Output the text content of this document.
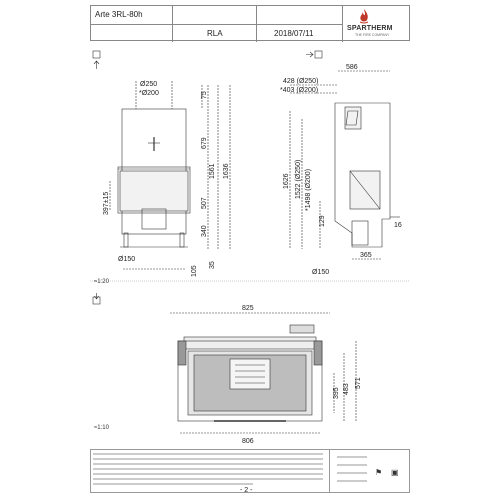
Arte 3RL-80h
RLA	2018/07/11
SPARTHERM
THE FIRE COMPANY
Ø250
*Ø200	75
679
1561 1636
507
340
397±15
Ø150
105
35
586
428 (Ø250)
*403 (Ø200)
1626 1522 (Ø250) *1498 (Ø200)
129	16
365
Ø150
825
395 483
571
806
≈1:20
≈1:10
⚑ ▣
- 2 -
